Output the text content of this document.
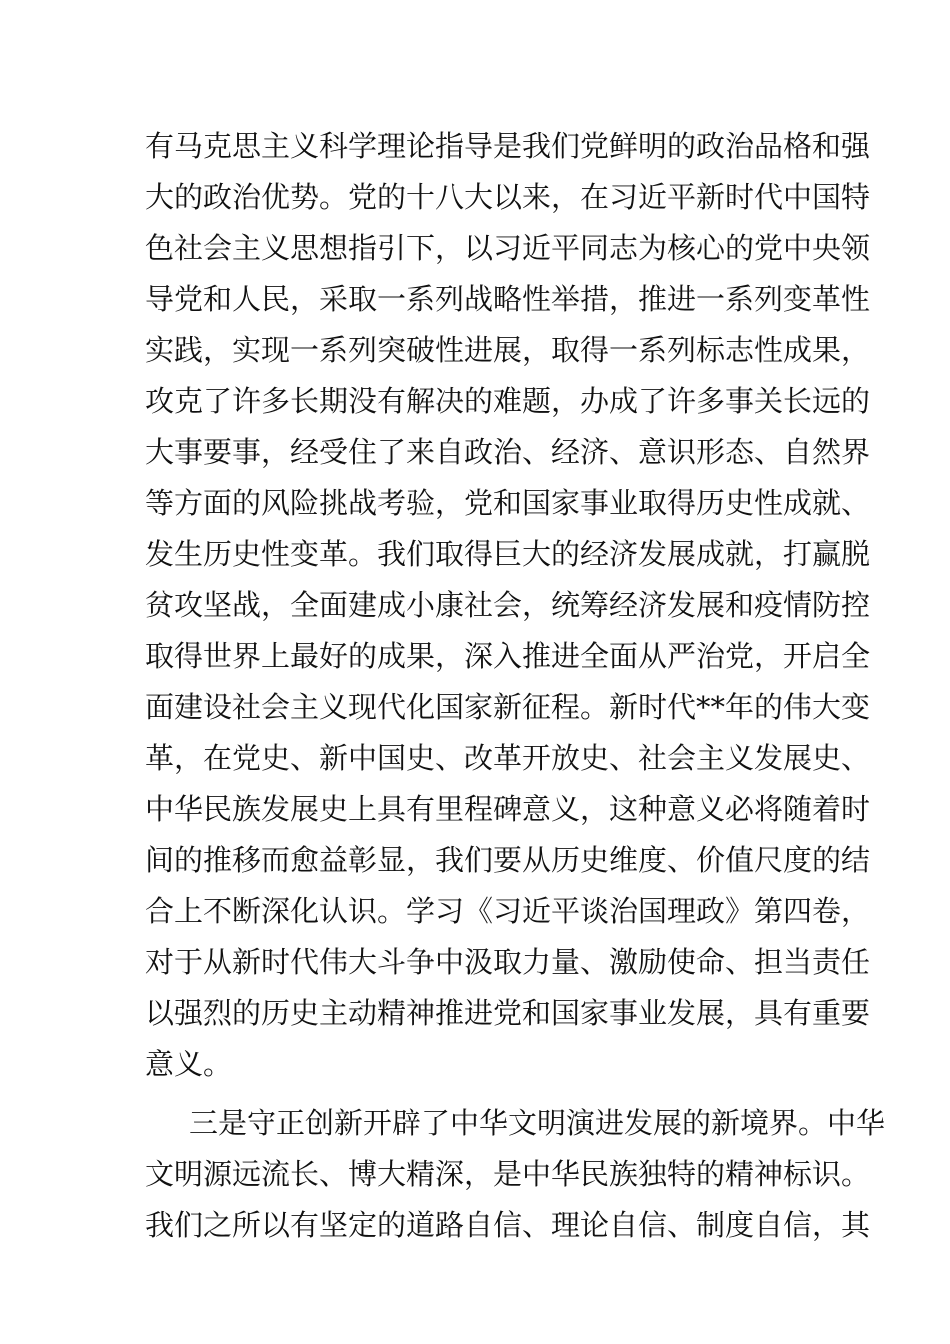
有马克思主义科学理论指导是我们党鲜明的政治品格和强
大的政治优势。党的十八大以来，在习近平新时代中国特
色社会主义思想指引下，以习近平同志为核心的党中央领
导党和人民，采取一系列战略性举措，推进一系列变革性
实践，实现一系列突破性进展，取得一系列标志性成果，
攻克了许多长期没有解决的难题，办成了许多事关长远的
大事要事，经受住了来自政治、经济、意识形态、自然界
等方面的风险挑战考验，党和国家事业取得历史性成就、
发生历史性变革。我们取得巨大的经济发展成就，打赢脱
贫攻坚战，全面建成小康社会，统筹经济发展和疫情防控
取得世界上最好的成果，深入推进全面从严治党，开启全
面建设社会主义现代化国家新征程。新时代**年的伟大变
革，在党史、新中国史、改革开放史、社会主义发展史、
中华民族发展史上具有里程碑意义，这种意义必将随着时
间的推移而愈益彰显，我们要从历史维度、价值尺度的结
合上不断深化认识。学习《习近平谈治国理政》第四卷，
对于从新时代伟大斗争中汲取力量、激励使命、担当责任
以强烈的历史主动精神推进党和国家事业发展，具有重要
意义。
三是守正创新开辟了中华文明演进发展的新境界。中华
文明源远流长、博大精深，是中华民族独特的精神标识。
我们之所以有坚定的道路自信、理论自信、制度自信，其
